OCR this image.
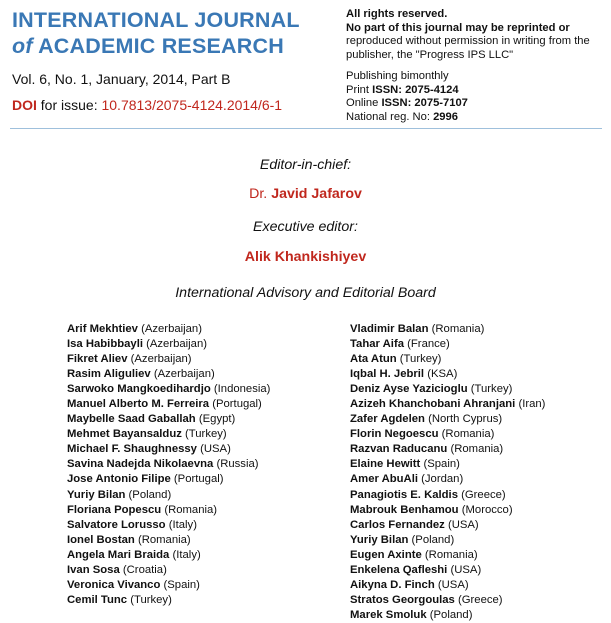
INTERNATIONAL JOURNAL
of ACADEMIC RESEARCH
Vol. 6, No. 1, January, 2014, Part B
DOI for issue: 10.7813/2075-4124.2014/6-1
All rights reserved.
No part of this journal may be reprinted or
reproduced without permission in writing from the publisher, the "Progress IPS LLC"
Publishing bimonthly
Print ISSN: 2075-4124
Online ISSN: 2075-7107
National reg. No: 2996
Editor-in-chief:
Dr. Javid Jafarov
Executive editor:
Alik Khankishiyev
International Advisory and Editorial Board
Arif Mekhtiev (Azerbaijan)
Isa Habibbayli (Azerbaijan)
Fikret Aliev (Azerbaijan)
Rasim Aliguliev (Azerbaijan)
Sarwoko Mangkoedihardjo (Indonesia)
Manuel Alberto M. Ferreira (Portugal)
Maybelle Saad Gaballah (Egypt)
Mehmet Bayansalduz (Turkey)
Michael F. Shaughnessy (USA)
Savina Nadejda Nikolaevna (Russia)
Jose Antonio Filipe (Portugal)
Yuriy Bilan (Poland)
Floriana Popescu (Romania)
Salvatore Lorusso (Italy)
Ionel Bostan (Romania)
Angela Mari Braida (Italy)
Ivan Sosa (Croatia)
Veronica Vivanco (Spain)
Cemil Tunc (Turkey)
Vladimir Balan (Romania)
Tahar Aifa (France)
Ata Atun (Turkey)
Iqbal H. Jebril (KSA)
Deniz Ayse Yazicioglu (Turkey)
Azizeh Khanchobani Ahranjani (Iran)
Zafer Agdelen (North Cyprus)
Florin Negoescu (Romania)
Razvan Raducanu (Romania)
Elaine Hewitt (Spain)
Amer AbuAli (Jordan)
Panagiotis E. Kaldis (Greece)
Mabrouk Benhamou (Morocco)
Carlos Fernandez (USA)
Yuriy Bilan (Poland)
Eugen Axinte (Romania)
Enkelena Qafleshi (USA)
Aikyna D. Finch (USA)
Stratos Georgoulas (Greece)
Marek Smoluk (Poland)
